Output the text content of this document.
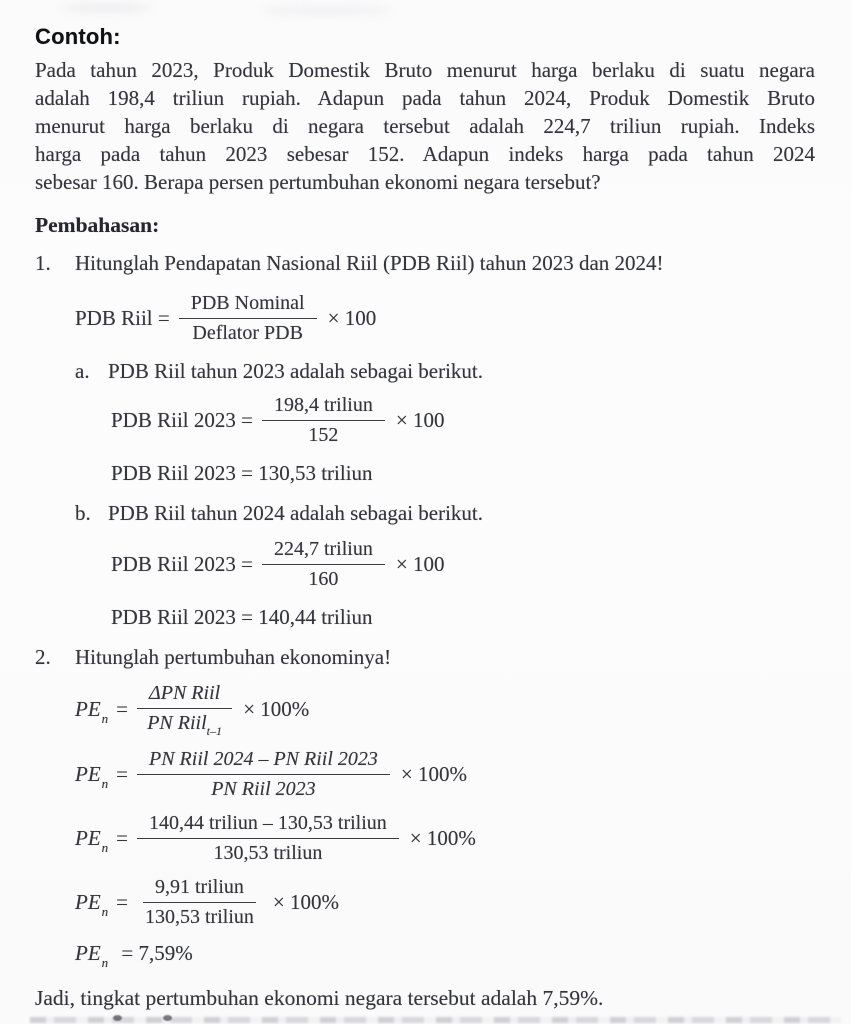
Contoh:
Pada tahun 2023, Produk Domestik Bruto menurut harga berlaku di suatu negara
adalah 198,4 triliun rupiah. Adapun pada tahun 2024, Produk Domestik Bruto
menurut harga berlaku di negara tersebut adalah 224,7 triliun rupiah. Indeks
harga pada tahun 2023 sebesar 152. Adapun indeks harga pada tahun 2024
sebesar 160. Berapa persen pertumbuhan ekonomi negara tersebut?
Pembahasan:
1.	Hitunglah Pendapatan Nasional Riil (PDB Riil) tahun 2023 dan 2024!
PDB Riil = $\frac{\text{PDB Nominal}}{\text{Deflator PDB}} \times 100$
a. PDB Riil tahun 2023 adalah sebagai berikut.
PDB Riil $2023 = \frac{\text{198,4 triliun}}{152} \times 100$
PDB Riil 2023 = 130,53 triliun
b. PDB Riil tahun 2024 adalah sebagai berikut.
PDB Riil $2023 = \frac{\text{224,7 triliun}}{160} \times 100$
PDB Riil 2023 = 140,44 triliun
2.	Hitunglah pertumbuhan ekonominya!
$PE_n = \frac{\text{ΔPN Riil}}{PN Riil_{t-1}} \times 100\%$
$PE_n = \frac{\text{PN Riil 2024 – PN Riil 2023}}{\text{PN Riil 2023}} \times 100\%$
$PE_n = \frac{\text{140,44 triliun – 130,53 triliun}}{\text{130,53 triliun}} \times 100\%$
$PE_n = \frac{\text{9,91 triliun}}{\text{130,53 triliun}} \times 100\%$
$PE_n = 7,59\%$
Jadi, tingkat pertumbuhan ekonomi negara tersebut adalah 7,59%.
